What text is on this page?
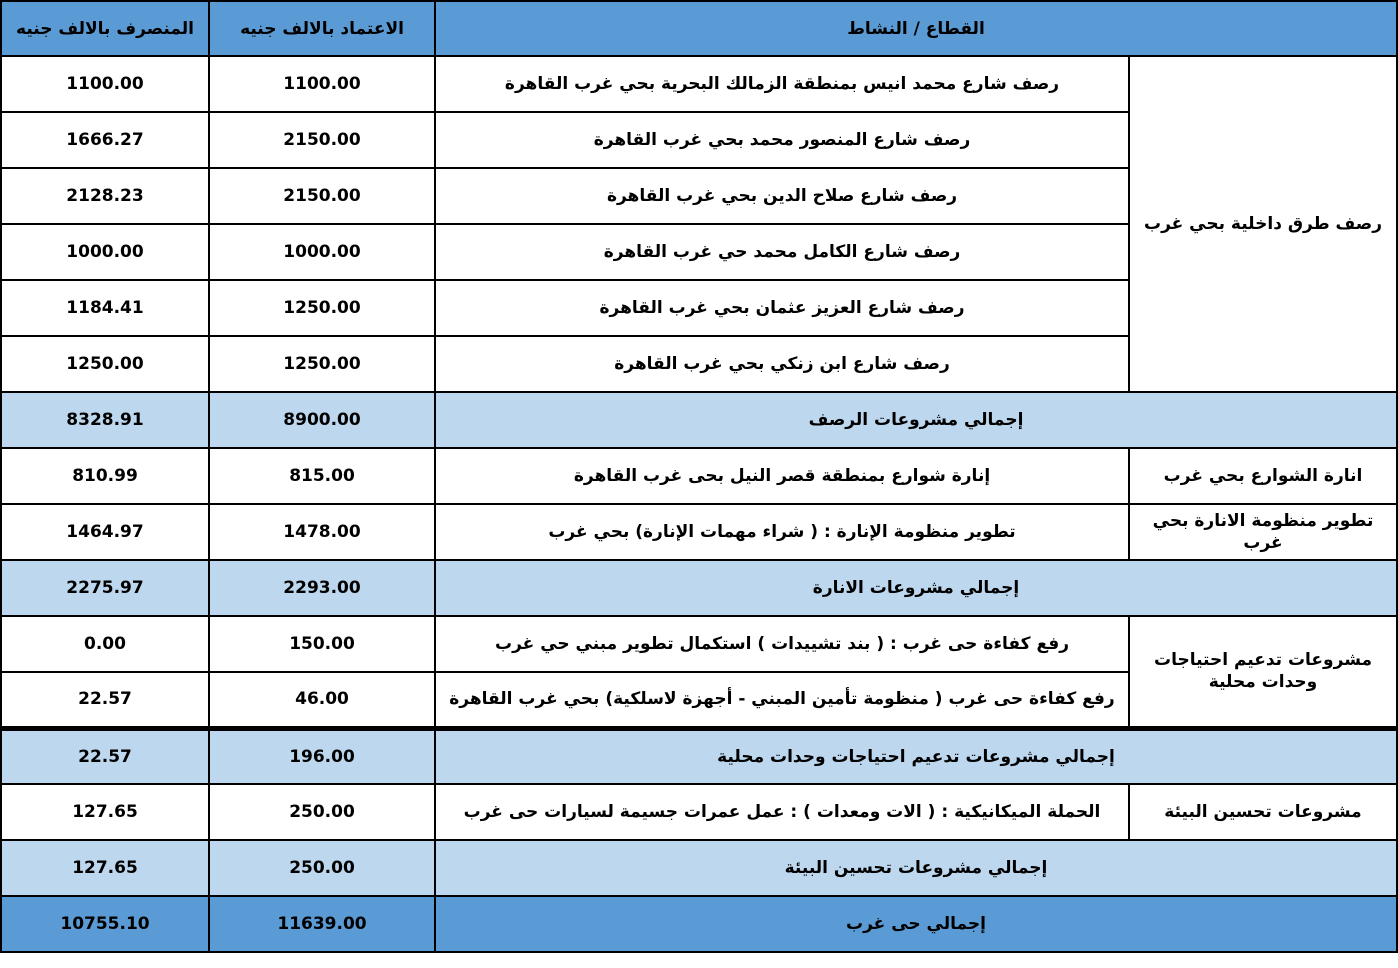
المنصرف بالالف جنيه	الاعتماد بالالف جنيه	القطاع / النشاط	
1100.00	1100.00	رصف شارع محمد انيس بمنطقة الزمالك البحرية بحي غرب القاهرة	رصف طرق داخلية بحي غرب
1666.27	2150.00	رصف شارع المنصور محمد بحي غرب القاهرة	
2128.23	2150.00	رصف شارع صلاح الدين بحي غرب القاهرة	
1000.00	1000.00	رصف شارع الكامل محمد حي غرب القاهرة	
1184.41	1250.00	رصف شارع العزيز عثمان بحي غرب القاهرة	
1250.00	1250.00	رصف شارع ابن زنكي بحي غرب القاهرة	
8328.91	8900.00	إجمالي مشروعات الرصف	
810.99	815.00	إنارة شوارع بمنطقة قصر النيل بحى غرب القاهرة	انارة الشوارع بحي غرب
1464.97	1478.00	تطوير منظومة الإنارة : ( شراء مهمات الإنارة) بحي غرب	تطوير منظومة الانارة بحي غرب
2275.97	2293.00	إجمالي مشروعات الانارة	
0.00	150.00	رفع كفاءة حى غرب : ( بند تشييدات ) استكمال تطوير مبني حي غرب	مشروعات تدعيم احتياجات وحدات محلية
22.57	46.00	رفع كفاءة حى غرب ( منظومة تأمين المبني - أجهزة لاسلكية) بحي غرب القاهرة	
22.57	196.00	إجمالي مشروعات تدعيم احتياجات وحدات محلية	
127.65	250.00	الحملة الميكانيكية : ( الات ومعدات ) : عمل عمرات جسيمة لسيارات حى غرب	مشروعات تحسين البيئة
127.65	250.00	إجمالي مشروعات تحسين البيئة	
10755.10	11639.00	إجمالي حى غرب	
